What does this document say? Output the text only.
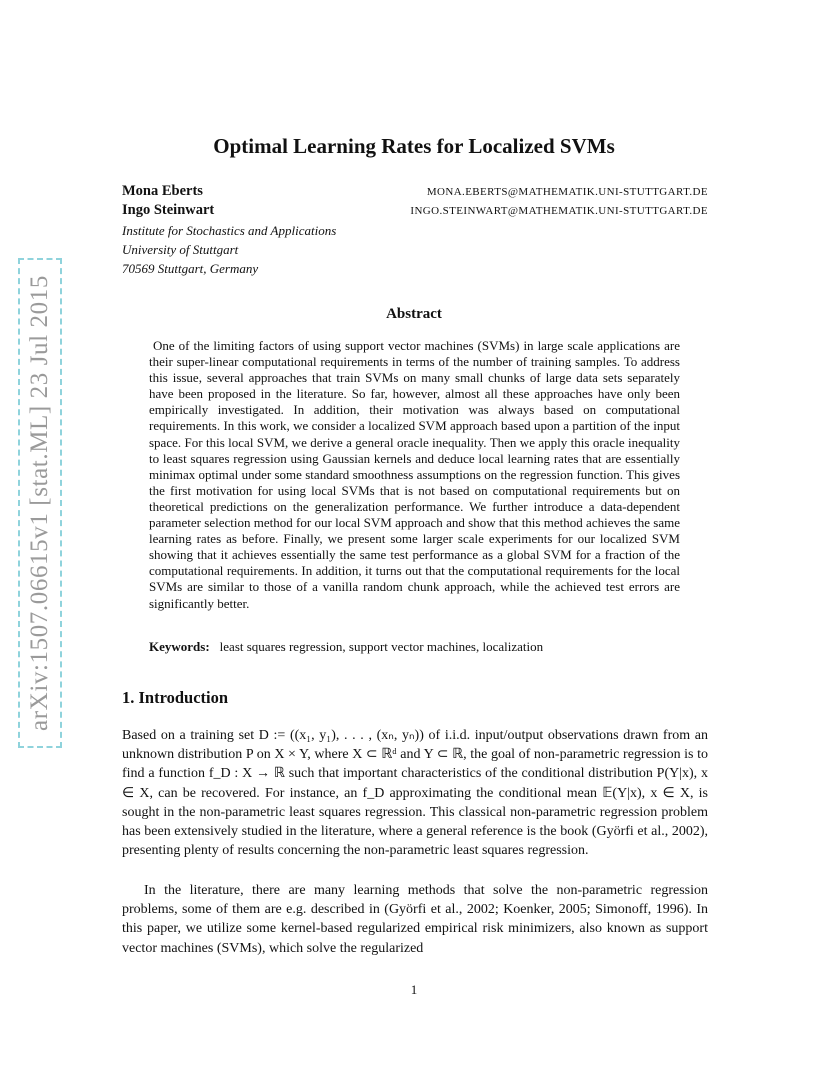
arXiv:1507.06615v1 [stat.ML] 23 Jul 2015
Optimal Learning Rates for Localized SVMs
Mona Eberts	MONA.EBERTS@MATHEMATIK.UNI-STUTTGART.DE
Ingo Steinwart	INGO.STEINWART@MATHEMATIK.UNI-STUTTGART.DE
Institute for Stochastics and Applications
University of Stuttgart
70569 Stuttgart, Germany
Abstract

One of the limiting factors of using support vector machines (SVMs) in large scale applications are their super-linear computational requirements in terms of the number of training samples. To address this issue, several approaches that train SVMs on many small chunks of large data sets separately have been proposed in the literature. So far, however, almost all these approaches have only been empirically investigated. In addition, their motivation was always based on computational requirements. In this work, we consider a localized SVM approach based upon a partition of the input space. For this local SVM, we derive a general oracle inequality. Then we apply this oracle inequality to least squares regression using Gaussian kernels and deduce local learning rates that are essentially minimax optimal under some standard smoothness assumptions on the regression function. This gives the first motivation for using local SVMs that is not based on computational requirements but on theoretical predictions on the generalization performance. We further introduce a data-dependent parameter selection method for our local SVM approach and show that this method achieves the same learning rates as before. Finally, we present some larger scale experiments for our localized SVM showing that it achieves essentially the same test performance as a global SVM for a fraction of the computational requirements. In addition, it turns out that the computational requirements for the local SVMs are similar to those of a vanilla random chunk approach, while the achieved test errors are significantly better.

Keywords: least squares regression, support vector machines, localization
1. Introduction

Based on a training set D := ((x₁, y₁), . . . , (xₙ, yₙ)) of i.i.d. input/output observations drawn from an unknown distribution P on X × Y, where X ⊂ ℝᵈ and Y ⊂ ℝ, the goal of non-parametric regression is to find a function f_D : X → ℝ such that important characteristics of the conditional distribution P(Y|x), x ∈ X, can be recovered. For instance, an f_D approximating the conditional mean 𝔼(Y|x), x ∈ X, is sought in the non-parametric least squares regression. This classical non-parametric regression problem has been extensively studied in the literature, where a general reference is the book (Györfi et al., 2002), presenting plenty of results concerning the non-parametric least squares regression.

In the literature, there are many learning methods that solve the non-parametric regression problems, some of them are e.g. described in (Györfi et al., 2002; Koenker, 2005; Simonoff, 1996). In this paper, we utilize some kernel-based regularized empirical risk minimizers, also known as support vector machines (SVMs), which solve the regularized

1
